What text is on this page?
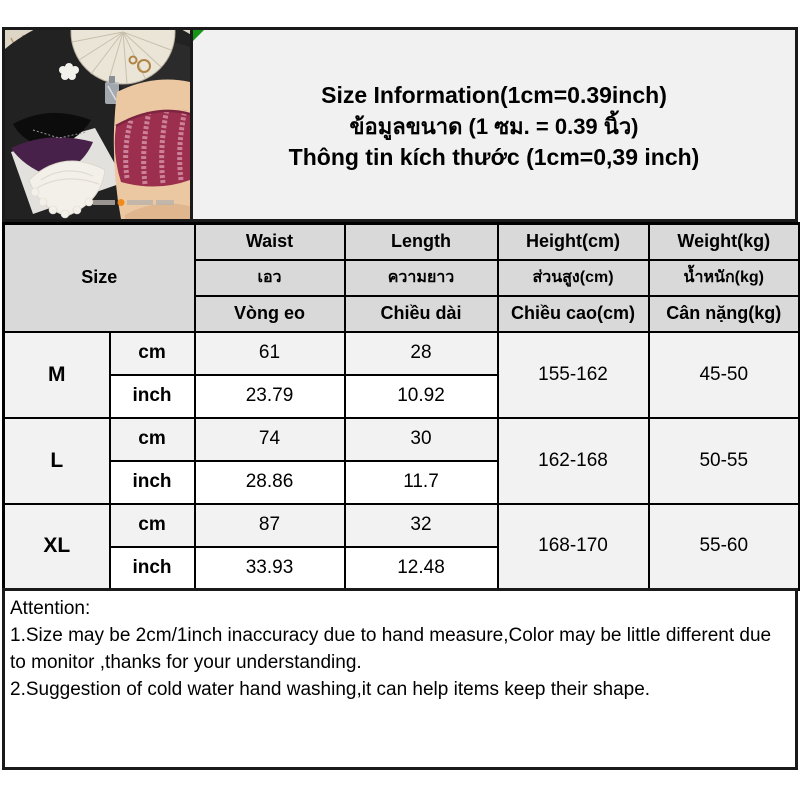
Size Information(1cm=0.39inch)
ข้อมูลขนาด (1 ซม. = 0.39 นิ้ว)
Thông tin kích thước (1cm=0,39 inch)
Size		Waist	Length	Height(cm)	Weight(kg)
		เอว	ความยาว	ส่วนสูง(cm)	น้ำหนัก(kg)
		Vòng eo	Chiều dài	Chiều cao(cm)	Cân nặng(kg)
M	cm	61	28	155-162	45-50
	inch	23.79	10.92		
L	cm	74	30	162-168	50-55
	inch	28.86	11.7		
XL	cm	87	32	168-170	55-60
	inch	33.93	12.48		

Attention:

1.Size may be 2cm/1inch inaccuracy due to hand measure,Color may be little different due to monitor ,thanks for your understanding.

2.Suggestion of cold water hand washing,it can help items keep their shape.
